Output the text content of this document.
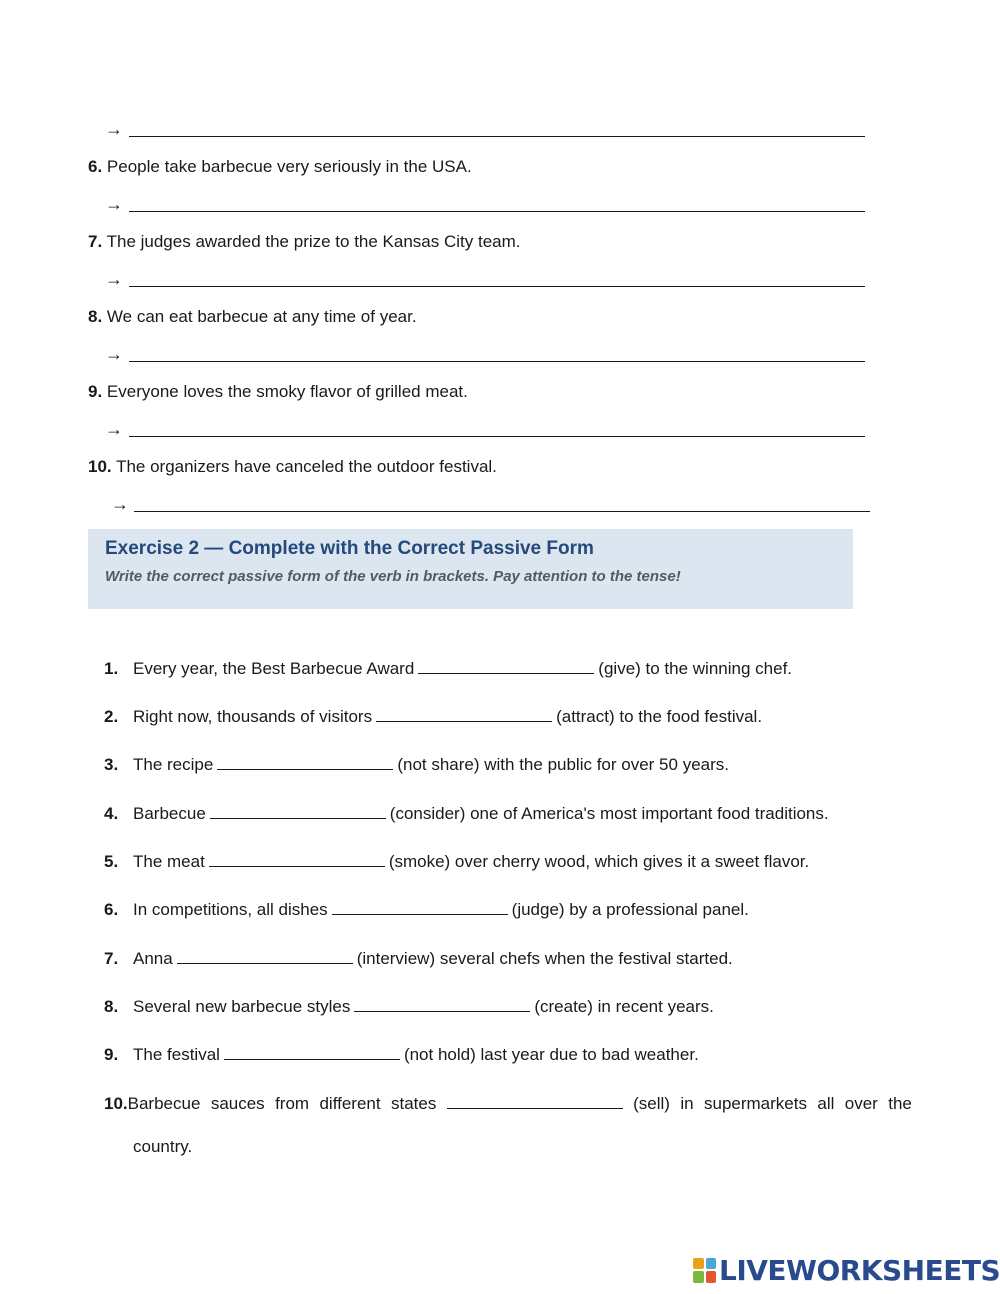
→
6. People take barbecue very seriously in the USA.
→
7. The judges awarded the prize to the Kansas City team.
→
8. We can eat barbecue at any time of year.
→
9. Everyone loves the smoky flavor of grilled meat.
→
10. The organizers have canceled the outdoor festival.
→
Exercise 2 — Complete with the Correct Passive Form
Write the correct passive form of the verb in brackets. Pay attention to the tense!
1. Every year, the Best Barbecue Award	(give) to the winning chef.
2. Right now, thousands of visitors	(attract) to the food festival.
3. The recipe	(not share) with the public for over 50 years.
4. Barbecue	(consider) one of America's most important food traditions.
5. The meat	(smoke) over cherry wood, which gives it a sweet flavor.
6. In competitions, all dishes	(judge) by a professional panel.
7. Anna	(interview) several chefs when the festival started.
8. Several new barbecue styles	(create) in recent years.
9. The festival	(not hold) last year due to bad weather.
10.Barbecue sauces from different states	(sell) in supermarkets all over the
country.
LIVEWORKSHEETS
